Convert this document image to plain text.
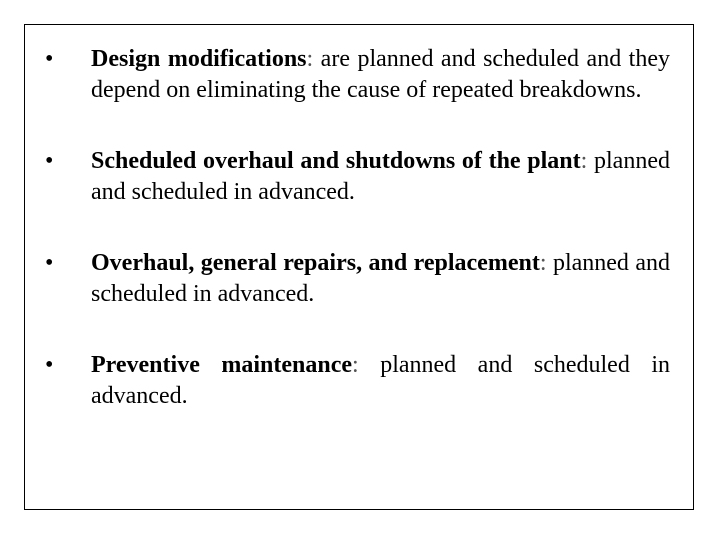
• Design modifications: are planned and scheduled and they depend on eliminating the cause of repeated breakdowns.
• Scheduled overhaul and shutdowns of the plant: planned and scheduled in advanced.
• Overhaul, general repairs, and replacement: planned and scheduled in advanced.
• Preventive maintenance: planned and scheduled in advanced.
